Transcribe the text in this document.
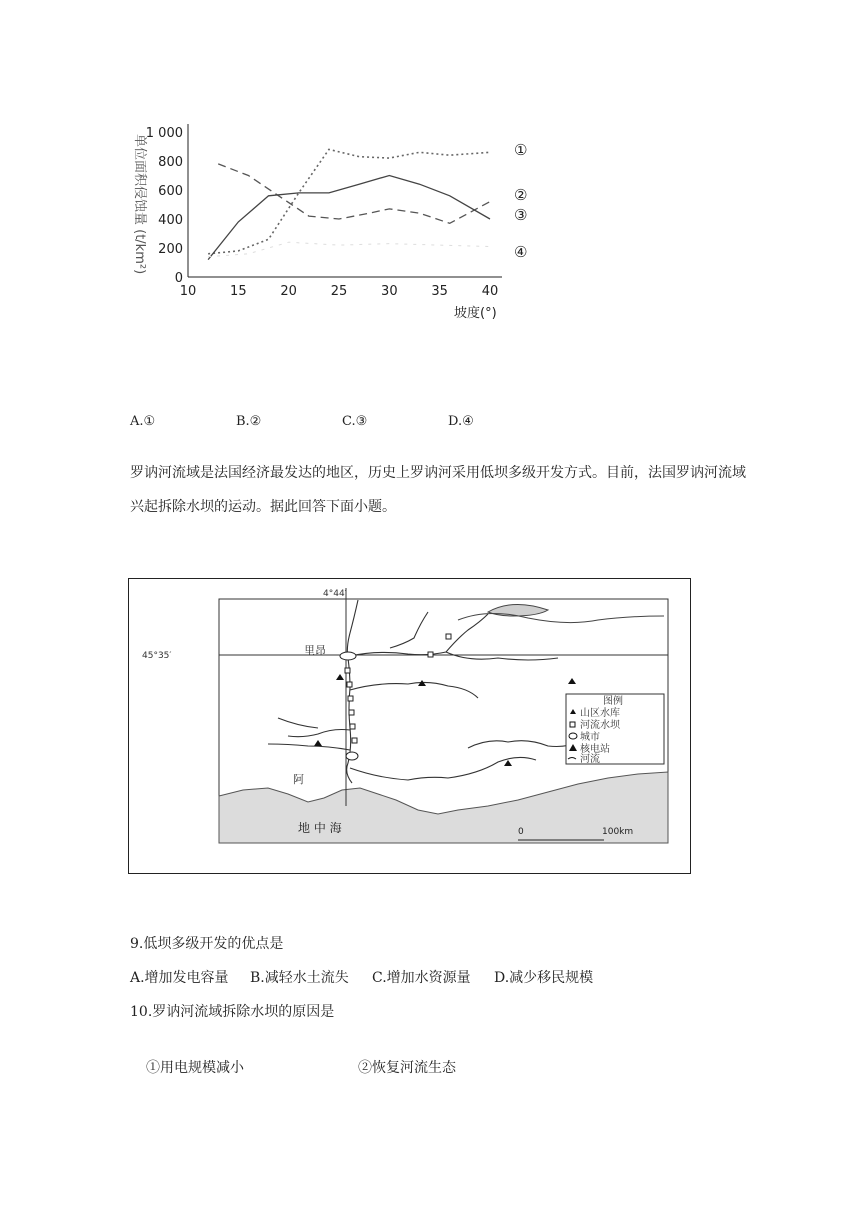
10	15	20	25	30	35	40
0
200
400
600
800
1 000
①
②
③
④
坡度(°)
单位面积侵蚀量 (t/km²)
A.①	B.②	C.③	D.④
罗讷河流域是法国经济最发达的地区，历史上罗讷河采用低坝多级开发方式。目前，法国罗讷河流域兴起拆除水坝的运动。据此回答下面小题。
4°44′
45°35′	里昂
阿
图例
山区水库
河流水坝
城市
核电站
河流
地 中 海	0	100km
9.低坝多级开发的优点是
A.增加发电容量 B.减轻水土流失 C.增加水资源量 D.减少移民规模
10.罗讷河流域拆除水坝的原因是
①用电规模减小	②恢复河流生态
